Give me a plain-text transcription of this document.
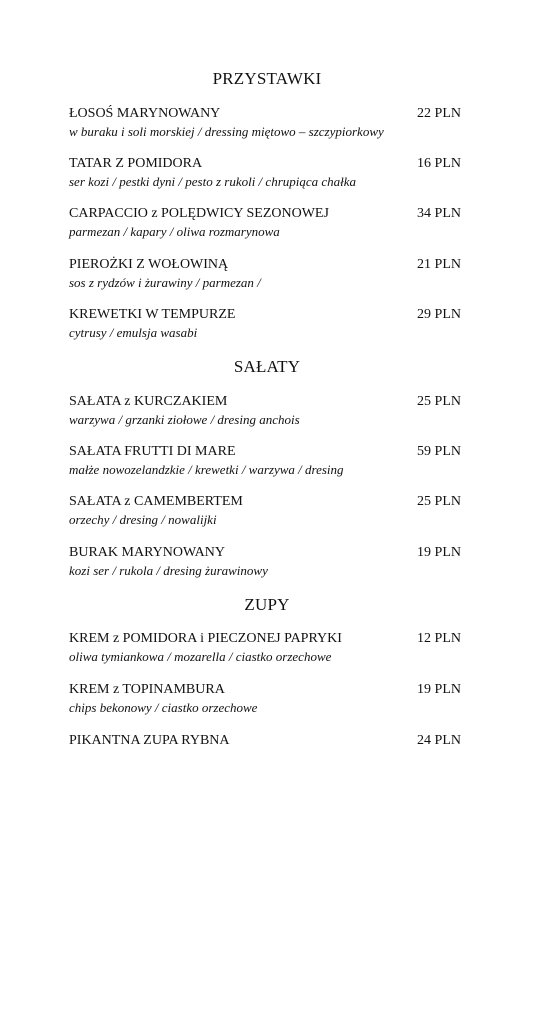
PRZYSTAWKI
ŁOSOŚ MARYNOWANY	22 PLN
w buraku i soli morskiej / dressing miętowo – szczypiorkowy
TATAR Z POMIDORA	16 PLN
ser kozi / pestki dyni / pesto z rukoli / chrupiąca chałka
CARPACCIO z POLĘDWICY SEZONOWEJ	34 PLN
parmezan / kapary / oliwa rozmarynowa
PIEROŻKI Z WOŁOWINĄ	21 PLN
sos z rydzów i żurawiny / parmezan /
KREWETKI W TEMPURZE	29 PLN
cytrusy / emulsja wasabi
SAŁATY
SAŁATA z KURCZAKIEM	25 PLN
warzywa / grzanki ziołowe / dresing anchois
SAŁATA FRUTTI DI MARE	59 PLN
małże nowozelandzkie / krewetki / warzywa / dresing
SAŁATA z CAMEMBERTEM	25 PLN
orzechy / dresing / nowalijki
BURAK MARYNOWANY	19 PLN
kozi ser / rukola / dresing żurawinowy
ZUPY
KREM z POMIDORA i PIECZONEJ PAPRYKI	12 PLN
oliwa tymiankowa / mozarella / ciastko orzechowe
KREM z TOPINAMBURA	19 PLN
chips bekonowy / ciastko orzechowe
PIKANTNA ZUPA RYBNA	24 PLN
